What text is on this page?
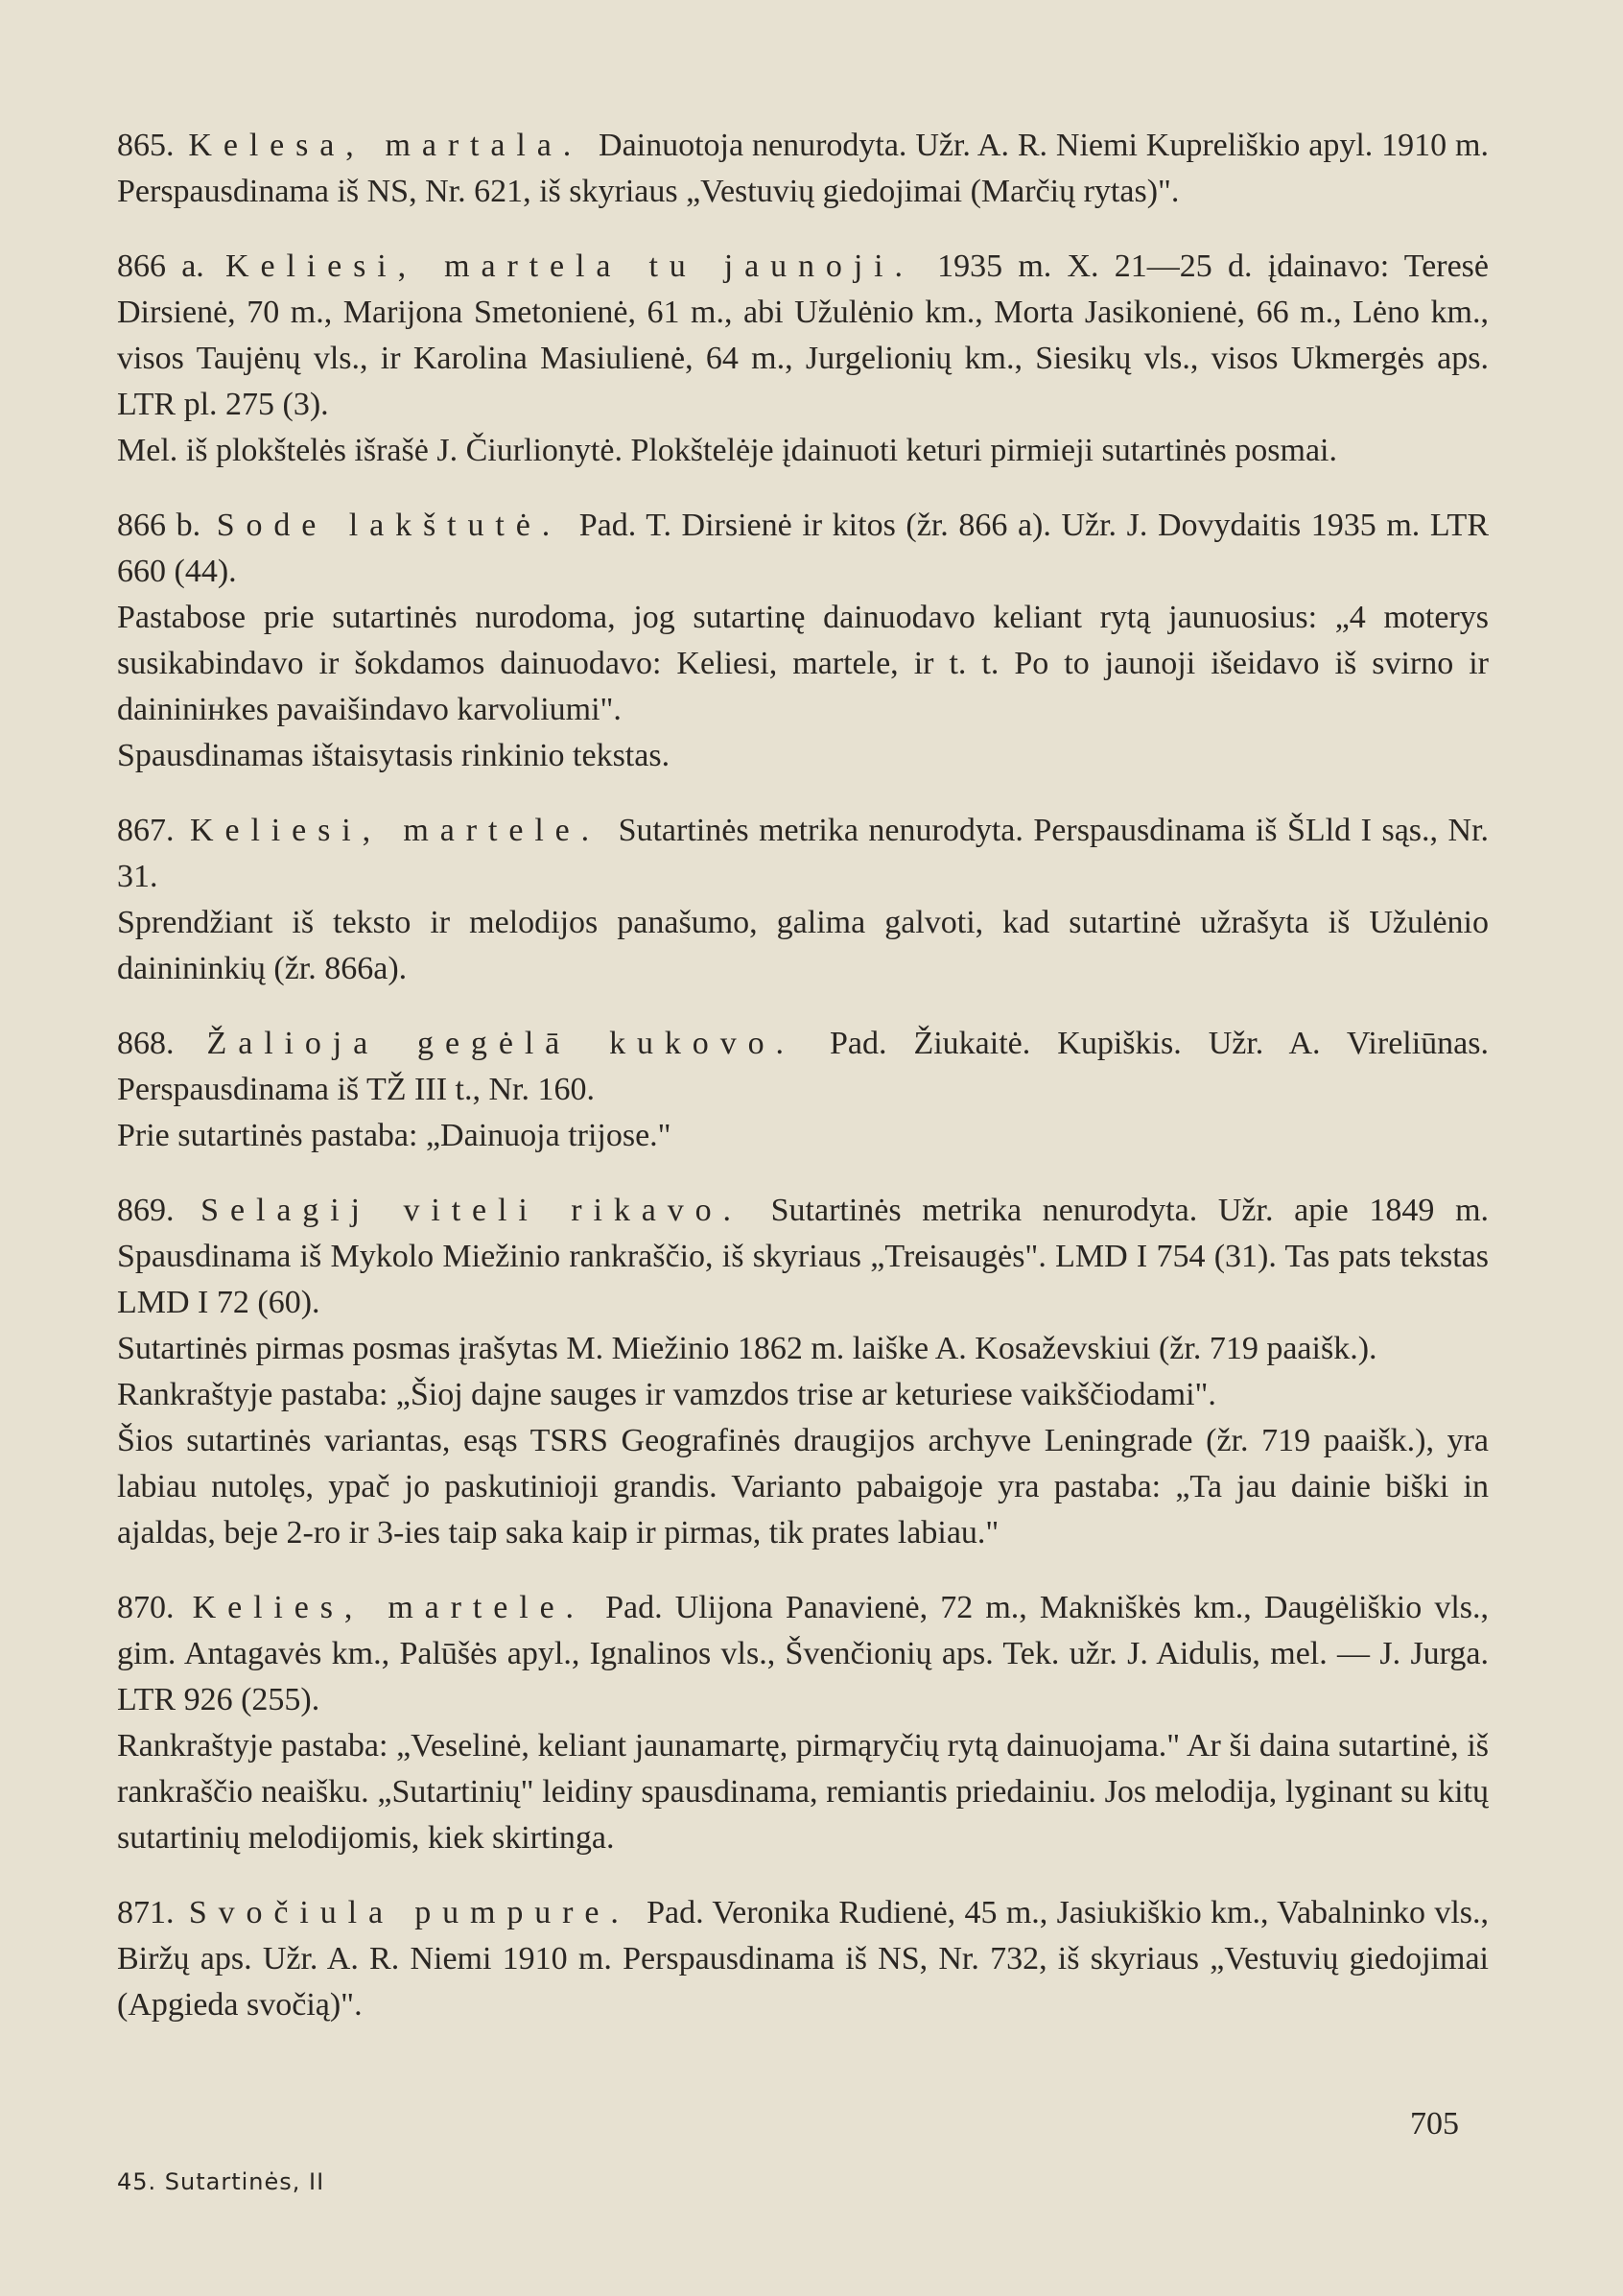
865. Kelesa, martala. Dainuotoja nenurodyta. Užr. A. R. Niemi Kupreliškio apyl. 1910 m. Perspausdinama iš NS, Nr. 621, iš skyriaus „Vestuvių giedojimai (Marčių rytas)".

866 a. Keliesi, martela tu jaunoji. 1935 m. X. 21—25 d. įdainavo: Teresė Dirsienė, 70 m., Marijona Smetonienė, 61 m., abi Užulėnio km., Morta Jasikonienė, 66 m., Lėno km., visos Taujėnų vls., ir Karolina Masiulienė, 64 m., Jurgelionių km., Siesikų vls., visos Ukmergės aps. LTR pl. 275 (3).

Mel. iš plokštelės išrašė J. Čiurlionytė. Plokštelėje įdainuoti keturi pirmieji sutartinės posmai.

866 b. Sode lakštutė. Pad. T. Dirsienė ir kitos (žr. 866 a). Užr. J. Dovydaitis 1935 m. LTR 660 (44).

Pastabose prie sutartinės nurodoma, jog sutartinę dainuodavo keliant rytą jaunuosius: „4 moterys susikabindavo ir šokdamos dainuodavo: Keliesi, martele, ir t. t. Po to jaunoji išeidavo iš svirno ir daininінkes pavaišindavo karvoliumi".

Spausdinamas ištaisytasis rinkinio tekstas.

867. Keliesi, martele. Sutartinės metrika nenurodyta. Perspausdinama iš ŠLld I sąs., Nr. 31.

Sprendžiant iš teksto ir melodijos panašumo, galima galvoti, kad sutartinė užrašyta iš Užulėnio dainininkių (žr. 866a).

868. Žalioja gegėlā kukovo. Pad. Žiukaitė. Kupiškis. Užr. A. Vireliūnas. Perspausdinama iš TŽ III t., Nr. 160.

Prie sutartinės pastaba: „Dainuoja trijose."

869. Selagij viteli rikavo. Sutartinės metrika nenurodyta. Užr. apie 1849 m. Spausdinama iš Mykolo Miežinio rankraščio, iš skyriaus „Treisaugės". LMD I 754 (31). Tas pats tekstas LMD I 72 (60).

Sutartinės pirmas posmas įrašytas M. Miežinio 1862 m. laiške A. Kosaževskiui (žr. 719 paaišk.).

Rankraštyje pastaba: „Šioj dajne sauges ir vamzdos trise ar keturiese vaikščiodami".

Šios sutartinės variantas, esąs TSRS Geografinės draugijos archyve Leningrade (žr. 719 paaišk.), yra labiau nutolęs, ypač jo paskutinioji grandis. Varianto pabaigoje yra pastaba: „Ta jau dainie biški in ajaldas, beje 2-ro ir 3-ies taip saka kaip ir pirmas, tik prates labiau."

870. Kelies, martele. Pad. Ulijona Panavienė, 72 m., Makniškės km., Daugėliškio vls., gim. Antagavės km., Palūšės apyl., Ignalinos vls., Švenčionių aps. Tek. užr. J. Aidulis, mel. — J. Jurga. LTR 926 (255).

Rankraštyje pastaba: „Veselinė, keliant jaunamartę, pirmąryčių rytą dainuojama." Ar ši daina sutartinė, iš rankraščio neaišku. „Sutartinių" leidiny spausdinama, remiantis priedainiu. Jos melodija, lyginant su kitų sutartinių melodijomis, kiek skirtinga.

871. Svočiula pumpure. Pad. Veronika Rudienė, 45 m., Jasiukiškio km., Vabalninko vls., Biržų aps. Užr. A. R. Niemi 1910 m. Perspausdinama iš NS, Nr. 732, iš skyriaus „Vestuvių giedojimai (Apgieda svočią)".

705
45. Sutartinės, II
